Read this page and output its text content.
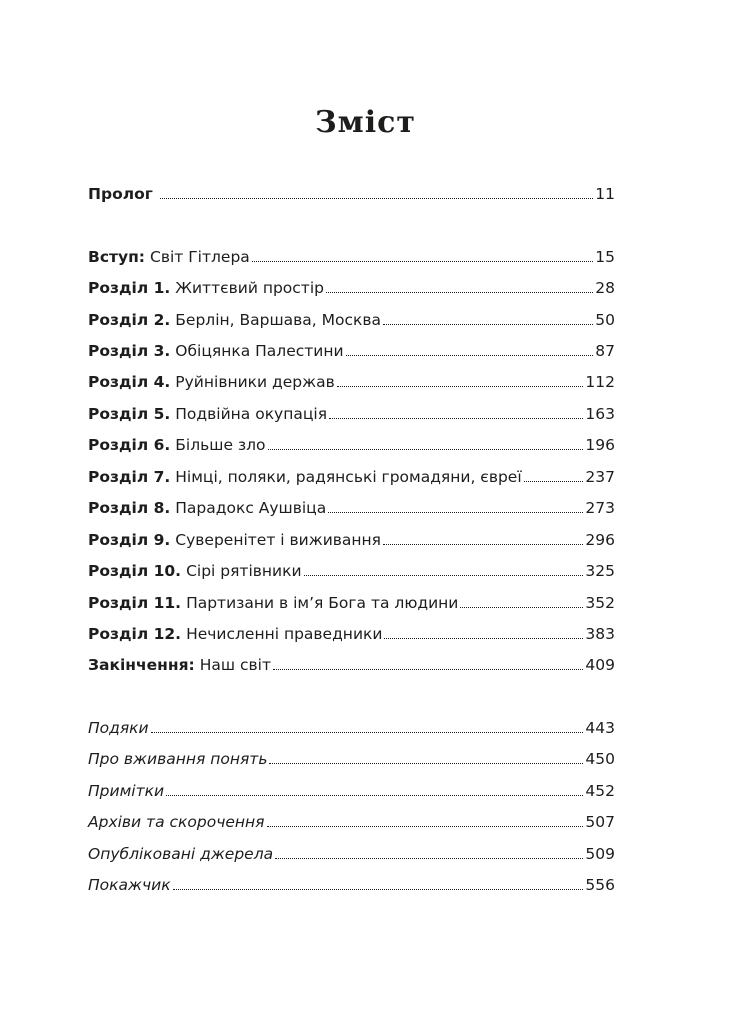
Зміст
Пролог	11
Вступ: Світ Гітлера	15
Розділ 1. Життєвий простір	28
Розділ 2. Берлін, Варшава, Москва	50
Розділ 3. Обіцянка Палестини	87
Розділ 4. Руйнівники держав	112
Розділ 5. Подвійна окупація	163
Розділ 6. Більше зло	196
Розділ 7. Німці, поляки, радянські громадяни, євреї	237
Розділ 8. Парадокс Аушвіца	273
Розділ 9. Суверенітет і виживання	296
Розділ 10. Сірі рятівники	325
Розділ 11. Партизани в ім’я Бога та людини	352
Розділ 12. Нечисленні праведники	383
Закінчення: Наш світ	409
Подяки	443
Про вживання понять	450
Примітки	452
Архіви та скорочення	507
Опубліковані джерела	509
Покажчик	556
